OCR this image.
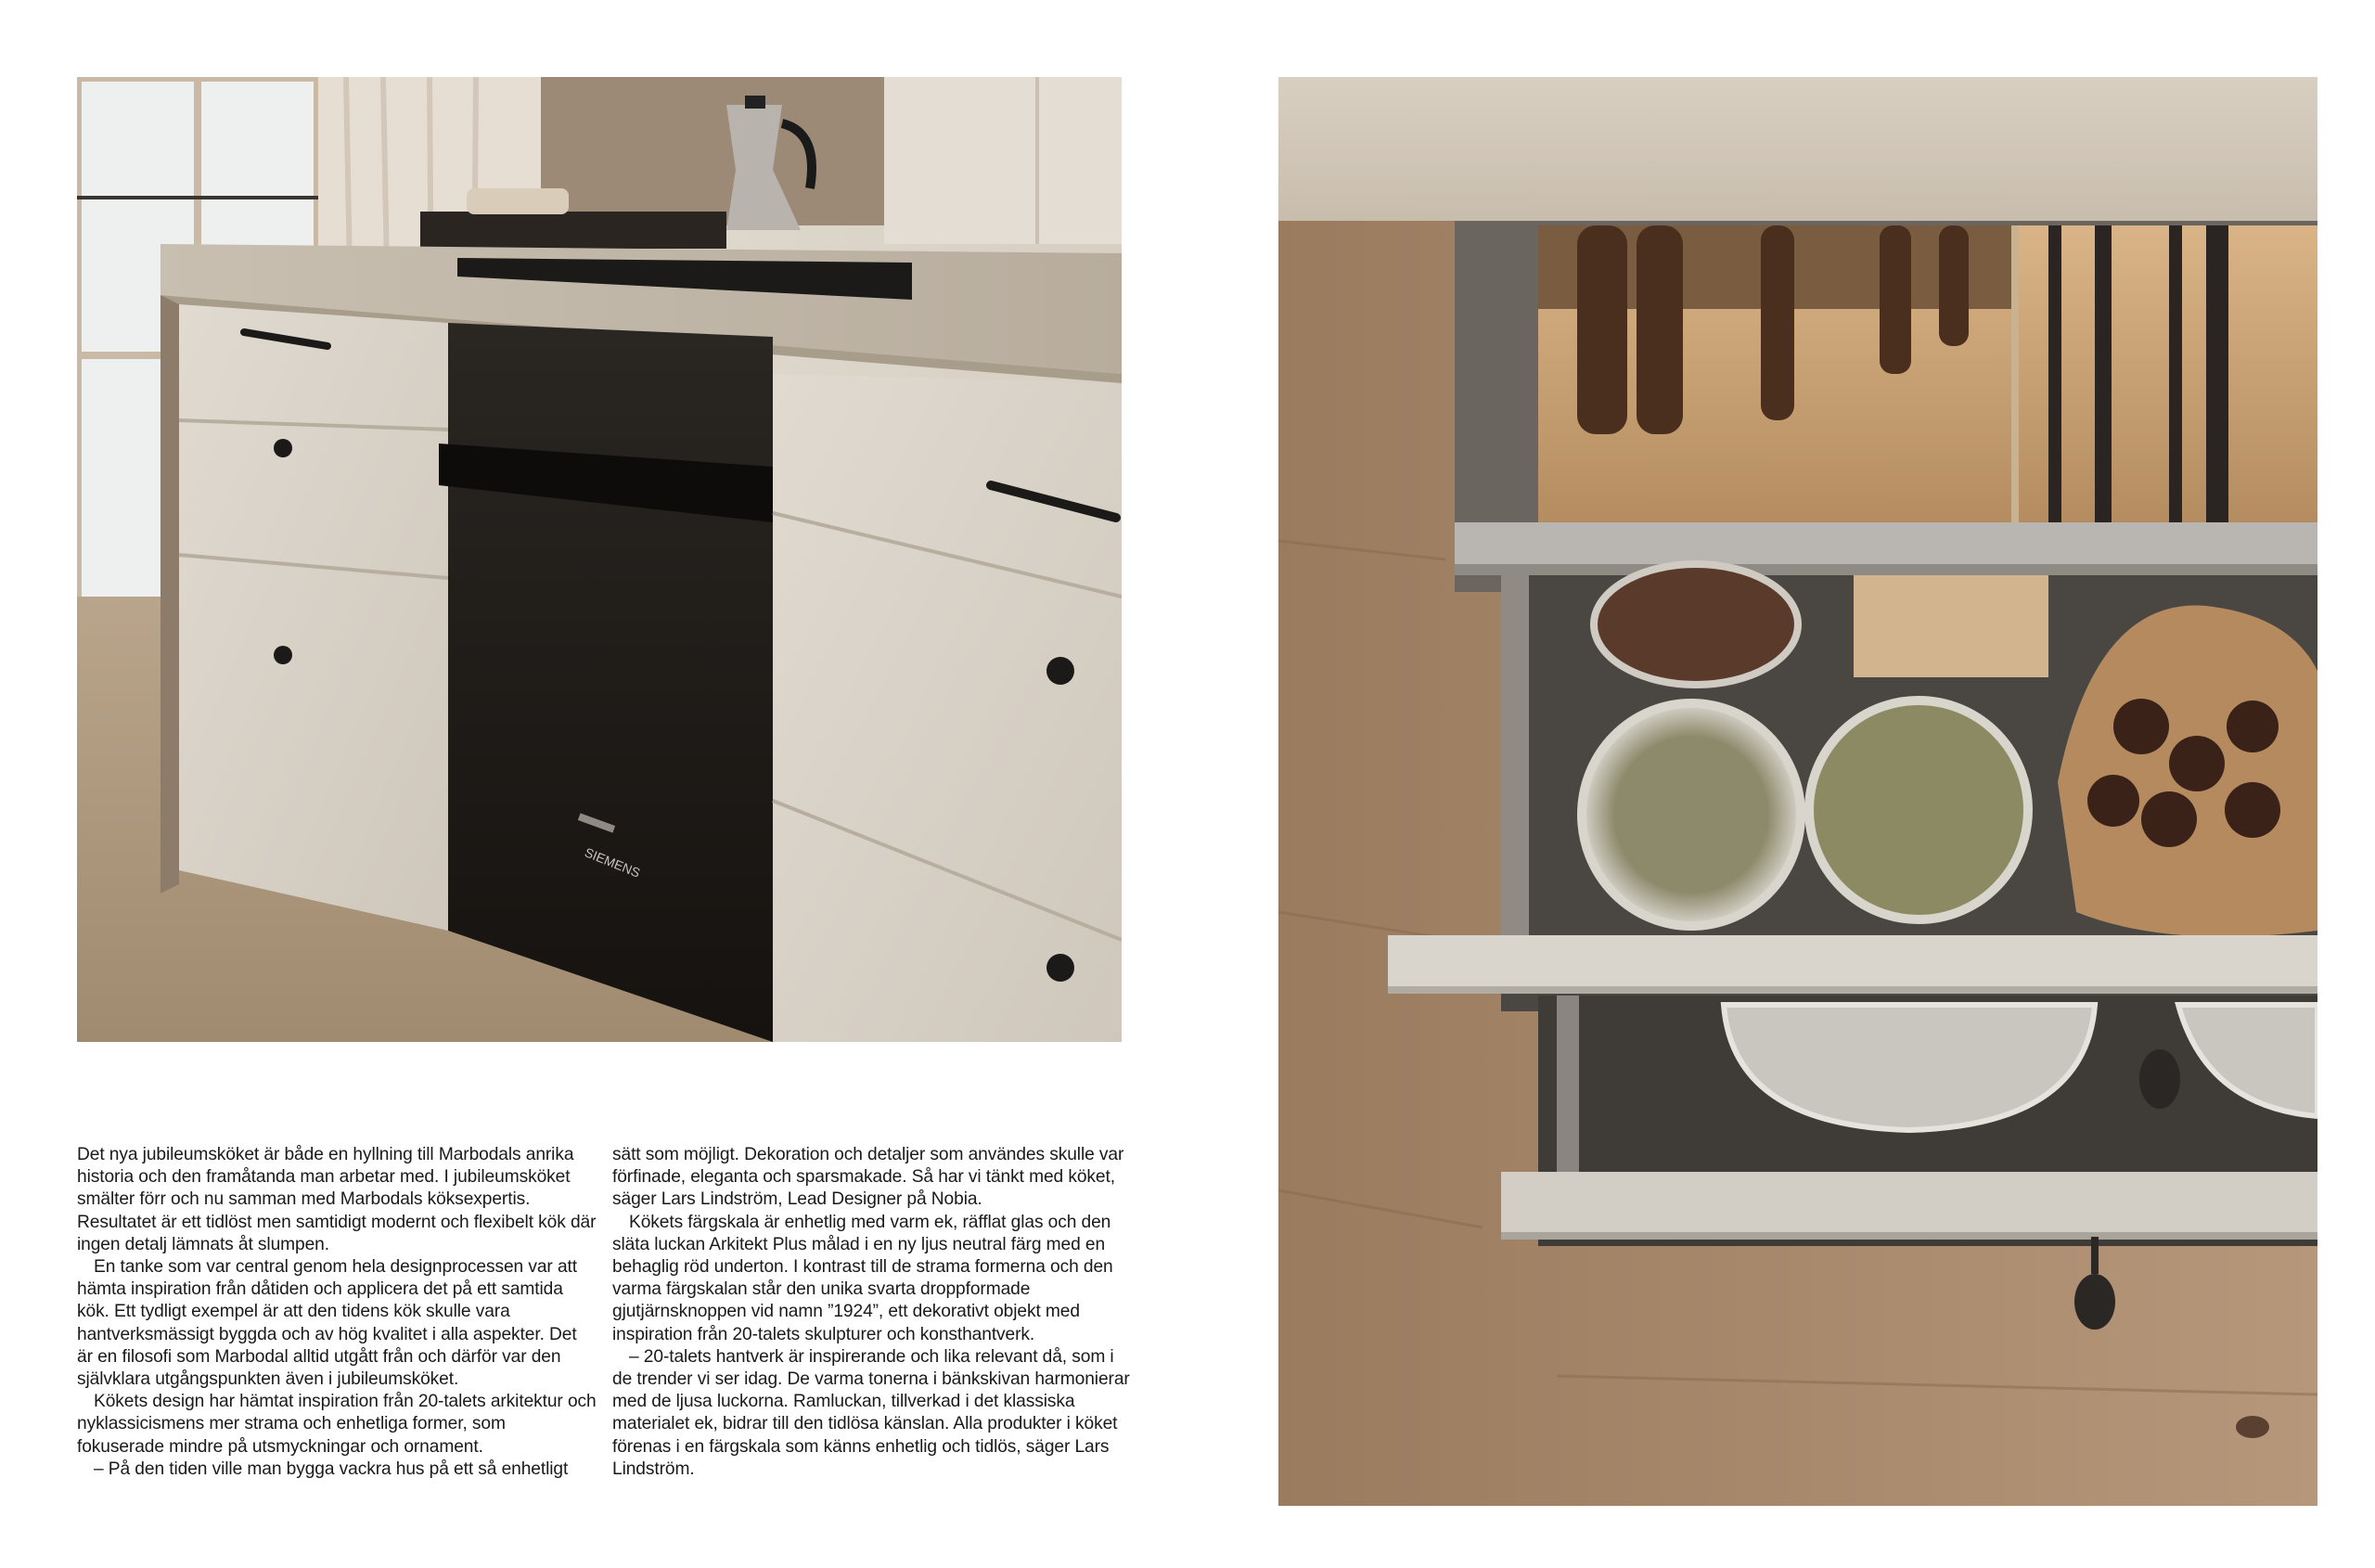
SIEMENS

Det nya jubileumsköket är både en hyllning till Marbodals anrika historia och den framåtanda man arbetar med. I jubileumsköket smälter förr och nu samman med Marbodals köksexpertis. Resultatet är ett tidlöst men samtidigt modernt och flexibelt kök där ingen detalj lämnats åt slumpen.

En tanke som var central genom hela designprocessen var att hämta inspiration från dåtiden och applicera det på ett samtida kök. Ett tydligt exempel är att den tidens kök skulle vara hantverksmässigt byggda och av hög kvalitet i alla aspekter. Det är en filosofi som Marbodal alltid utgått från och därför var den självklara utgångspunkten även i jubileumsköket.

Kökets design har hämtat inspiration från 20-talets arkitektur och nyklassicismens mer strama och enhetliga former, som fokuserade mindre på utsmyckningar och ornament.

– På den tiden ville man bygga vackra hus på ett så enhetligt

sätt som möjligt. Dekoration och detaljer som användes skulle var förfinade, eleganta och sparsmakade. Så har vi tänkt med köket, säger Lars Lindström, Lead Designer på Nobia.

Kökets färgskala är enhetlig med varm ek, räfflat glas och den släta luckan Arkitekt Plus målad i en ny ljus neutral färg med en behaglig röd underton. I kontrast till de strama formerna och den varma färgskalan står den unika svarta droppformade gjutjärnsknoppen vid namn ”1924”, ett dekorativt objekt med inspiration från 20-talets skulpturer och konsthantverk.

– 20-talets hantverk är inspirerande och lika relevant då, som i de trender vi ser idag. De varma tonerna i bänkskivan harmonierar med de ljusa luckorna. Ramluckan, tillverkad i det klassiska materialet ek, bidrar till den tidlösa känslan. Alla produkter i köket förenas i en färgskala som känns enhetlig och tidlös, säger Lars Lindström.
